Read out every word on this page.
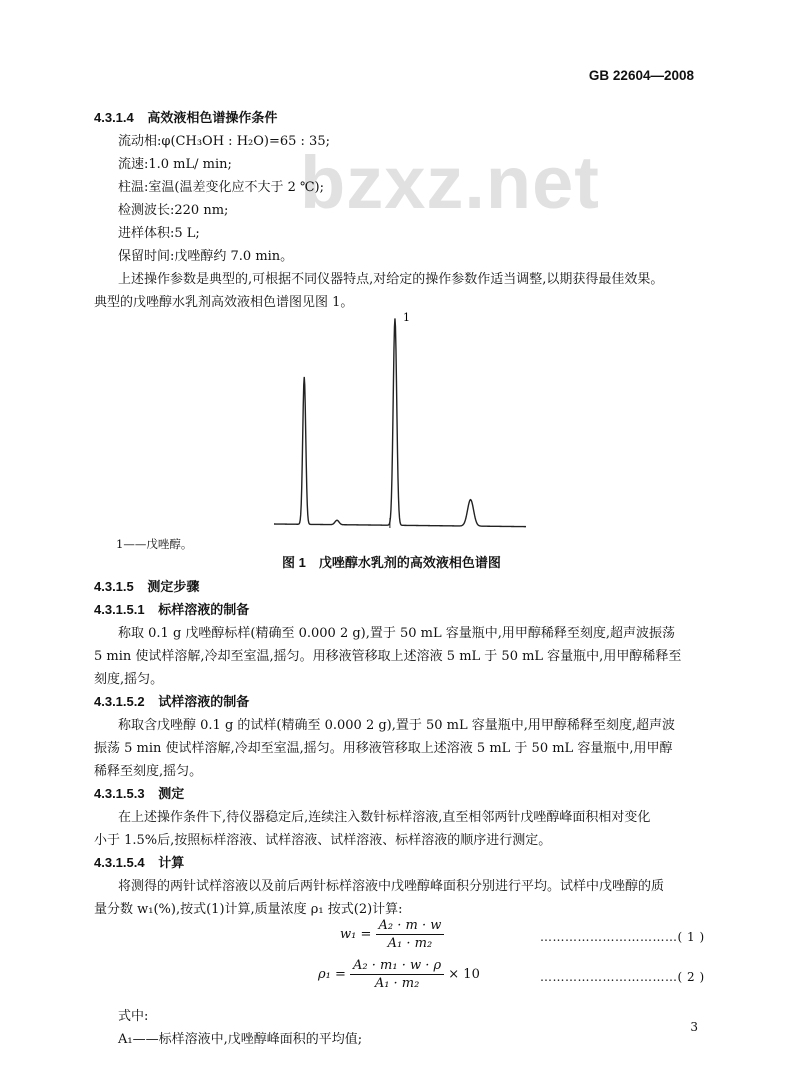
GB 22604—2008
bzxz.net
4.3.1.4 高效液相色谱操作条件
流动相:φ(CH₃OH : H₂O)=65 : 35;
流速:1.0 mL/ min;
柱温:室温(温差变化应不大于 2 ℃);
检测波长:220 nm;
进样体积:5 L;
保留时间:戊唑醇约 7.0 min。
上述操作参数是典型的,可根据不同仪器特点,对给定的操作参数作适当调整,以期获得最佳效果。
典型的戊唑醇水乳剂高效液相色谱图见图 1。
1
1——戊唑醇。
图 1　戊唑醇水乳剂的高效液相色谱图
4.3.1.5 测定步骤
4.3.1.5.1 标样溶液的制备
称取 0.1 g 戊唑醇标样(精确至 0.000 2 g),置于 50 mL 容量瓶中,用甲醇稀释至刻度,超声波振荡
5 min 使试样溶解,冷却至室温,摇匀。用移液管移取上述溶液 5 mL 于 50 mL 容量瓶中,用甲醇稀释至
刻度,摇匀。
4.3.1.5.2 试样溶液的制备
称取含戊唑醇 0.1 g 的试样(精确至 0.000 2 g),置于 50 mL 容量瓶中,用甲醇稀释至刻度,超声波
振荡 5 min 使试样溶解,冷却至室温,摇匀。用移液管移取上述溶液 5 mL 于 50 mL 容量瓶中,用甲醇
稀释至刻度,摇匀。
4.3.1.5.3 测定
在上述操作条件下,待仪器稳定后,连续注入数针标样溶液,直至相邻两针戊唑醇峰面积相对变化
小于 1.5%后,按照标样溶液、试样溶液、试样溶液、标样溶液的顺序进行测定。
4.3.1.5.4 计算
将测得的两针试样溶液以及前后两针标样溶液中戊唑醇峰面积分别进行平均。试样中戊唑醇的质
量分数 w₁(%),按式(1)计算,质量浓度 ρ₁ 按式(2)计算:
$w_1 = \frac{\text{A₂ · m · w}}{\text{A₁ · m₂}}$	……………………………( 1 )
$\rho_1 = \frac{\text{A₂ · m₁ · w · ρ}}{\text{A₁ · m₂}} \times 10$	……………………………( 2 )
式中:
A₁——标样溶液中,戊唑醇峰面积的平均值;
3
